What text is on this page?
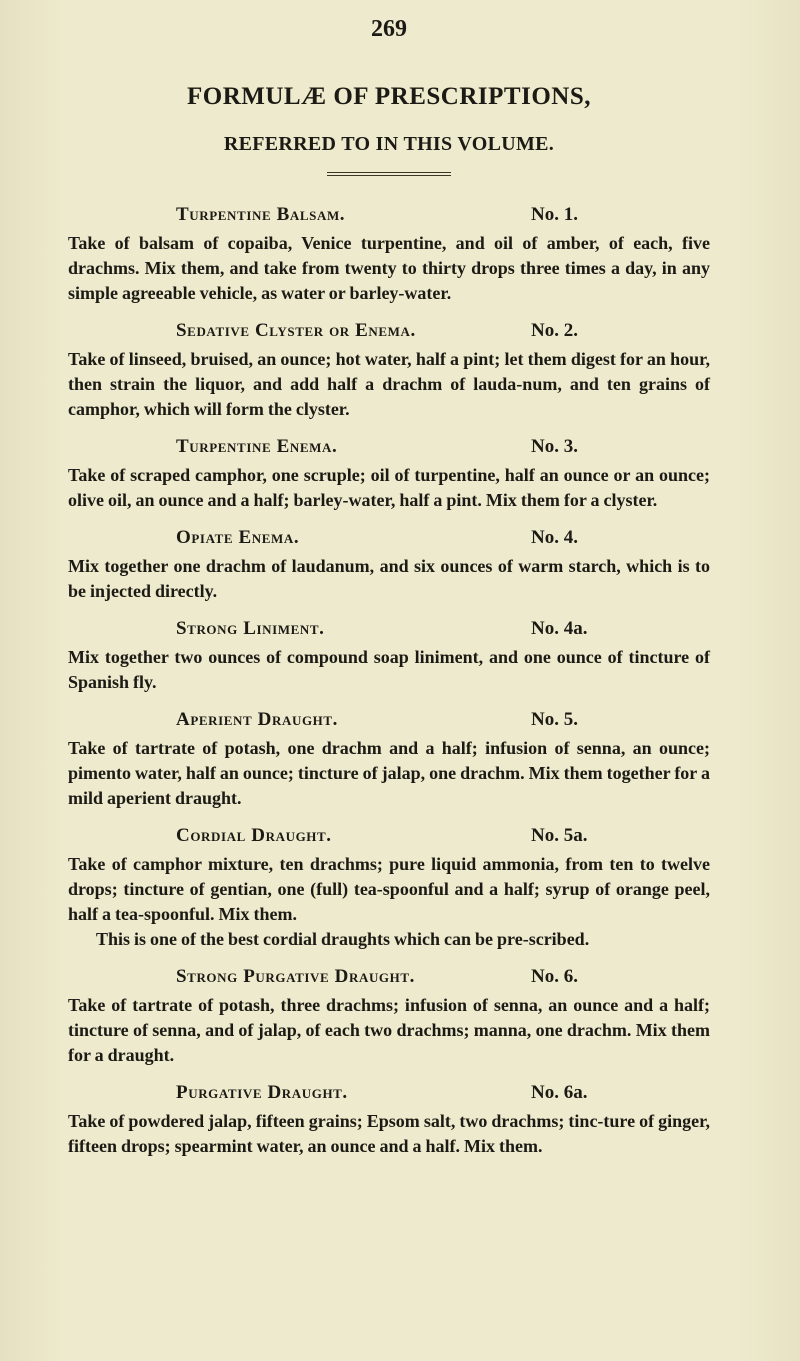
269
FORMULÆ OF PRESCRIPTIONS,
REFERRED TO IN THIS VOLUME.
Turpentine Balsam.	No. 1.

Take of balsam of copaiba, Venice turpentine, and oil of amber, of each, five drachms. Mix them, and take from twenty to thirty drops three times a day, in any simple agreeable vehicle, as water or barley-water.

Sedative Clyster or Enema.	No. 2.

Take of linseed, bruised, an ounce; hot water, half a pint; let them digest for an hour, then strain the liquor, and add half a drachm of lauda-num, and ten grains of camphor, which will form the clyster.

Turpentine Enema.	No. 3.

Take of scraped camphor, one scruple; oil of turpentine, half an ounce or an ounce; olive oil, an ounce and a half; barley-water, half a pint. Mix them for a clyster.

Opiate Enema.	No. 4.

Mix together one drachm of laudanum, and six ounces of warm starch, which is to be injected directly.

Strong Liniment.	No. 4a.

Mix together two ounces of compound soap liniment, and one ounce of tincture of Spanish fly.

Aperient Draught.	No. 5.

Take of tartrate of potash, one drachm and a half; infusion of senna, an ounce; pimento water, half an ounce; tincture of jalap, one drachm. Mix them together for a mild aperient draught.

Cordial Draught.	No. 5a.

Take of camphor mixture, ten drachms; pure liquid ammonia, from ten to twelve drops; tincture of gentian, one (full) tea-spoonful and a half; syrup of orange peel, half a tea-spoonful. Mix them.
This is one of the best cordial draughts which can be pre-scribed.

Strong Purgative Draught.	No. 6.

Take of tartrate of potash, three drachms; infusion of senna, an ounce and a half; tincture of senna, and of jalap, of each two drachms; manna, one drachm. Mix them for a draught.

Purgative Draught.	No. 6a.

Take of powdered jalap, fifteen grains; Epsom salt, two drachms; tinc-ture of ginger, fifteen drops; spearmint water, an ounce and a half. Mix them.
